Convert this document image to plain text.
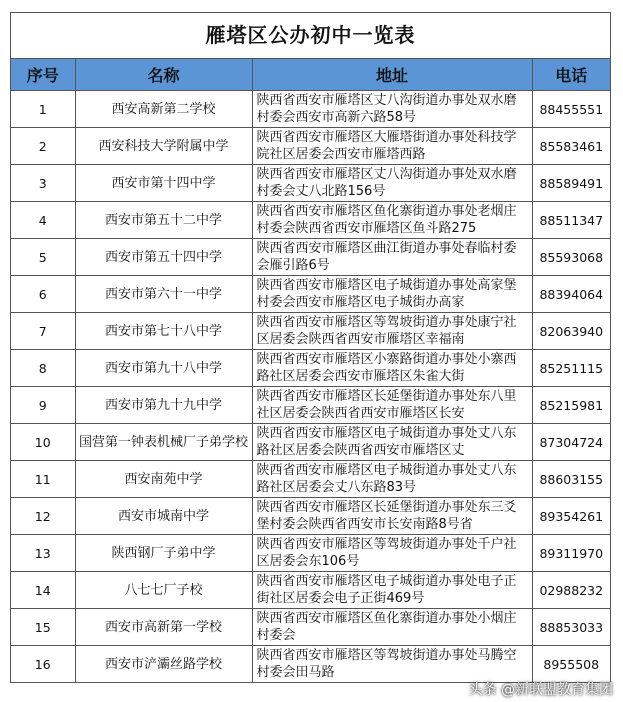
雁塔区公办初中一览表
序号	名称	地址	电话
1	西安高新第二学校	陕西省西安市雁塔区丈八沟街道办事处双水磨村委会西安市高新六路58号	88455551
2	西安科技大学附属中学	陕西省西安市雁塔区大雁塔街道办事处科技学院社区居委会西安市雁塔西路	85583461
3	西安市第十四中学	陕西省西安市雁塔区丈八沟街道办事处双水磨村委会丈八北路156号	88589491
4	西安市第五十二中学	陕西省西安市雁塔区鱼化寨街道办事处老烟庄村委会陕西省西安市雁塔区鱼斗路275	88511347
5	西安市第五十四中学	陕西省西安市雁塔区曲江街道办事处春临村委会雁引路6号	85593068
6	西安市第六十一中学	陕西省西安市雁塔区电子城街道办事处高家堡村委会西安市雁塔区电子城街办高家	88394064
7	西安市第七十八中学	陕西省西安市雁塔区等驾坡街道办事处康宁社区居委会陕西省西安市雁塔区幸福南	82063940
8	西安市第九十八中学	陕西省西安市雁塔区小寨路街道办事处小寨西路社区居委会西安市雁塔区朱雀大街	85251115
9	西安市第九十九中学	陕西省西安市雁塔区长延堡街道办事处东八里社区居委会陕西省西安市雁塔区长安	85215981
10	国营第一钟表机械厂子弟学校	陕西省西安市雁塔区电子城街道办事处丈八东路社区居委会陕西省西安市雁塔区丈	87304724
11	西安南苑中学	陕西省西安市雁塔区电子城街道办事处丈八东路社区居委会丈八东路83号	88603155
12	西安市城南中学	陕西省西安市雁塔区长延堡街道办事处东三爻堡村委会陕西省西安市长安南路8号省	89354261
13	陕西钢厂子弟中学	陕西省西安市雁塔区等驾坡街道办事处千户社区居委会东106号	89311970
14	八七七厂子校	陕西省西安市雁塔区电子城街道办事处电子正街社区居委会电子正街469号	02988232
15	西安市高新第一学校	陕西省西安市雁塔区鱼化寨街道办事处小烟庄村委会	88853033
16	西安市浐灞丝路学校	陕西省西安市雁塔区等驾坡街道办事处马腾空村委会田马路	8955508
头条 @新联盟教育集团
